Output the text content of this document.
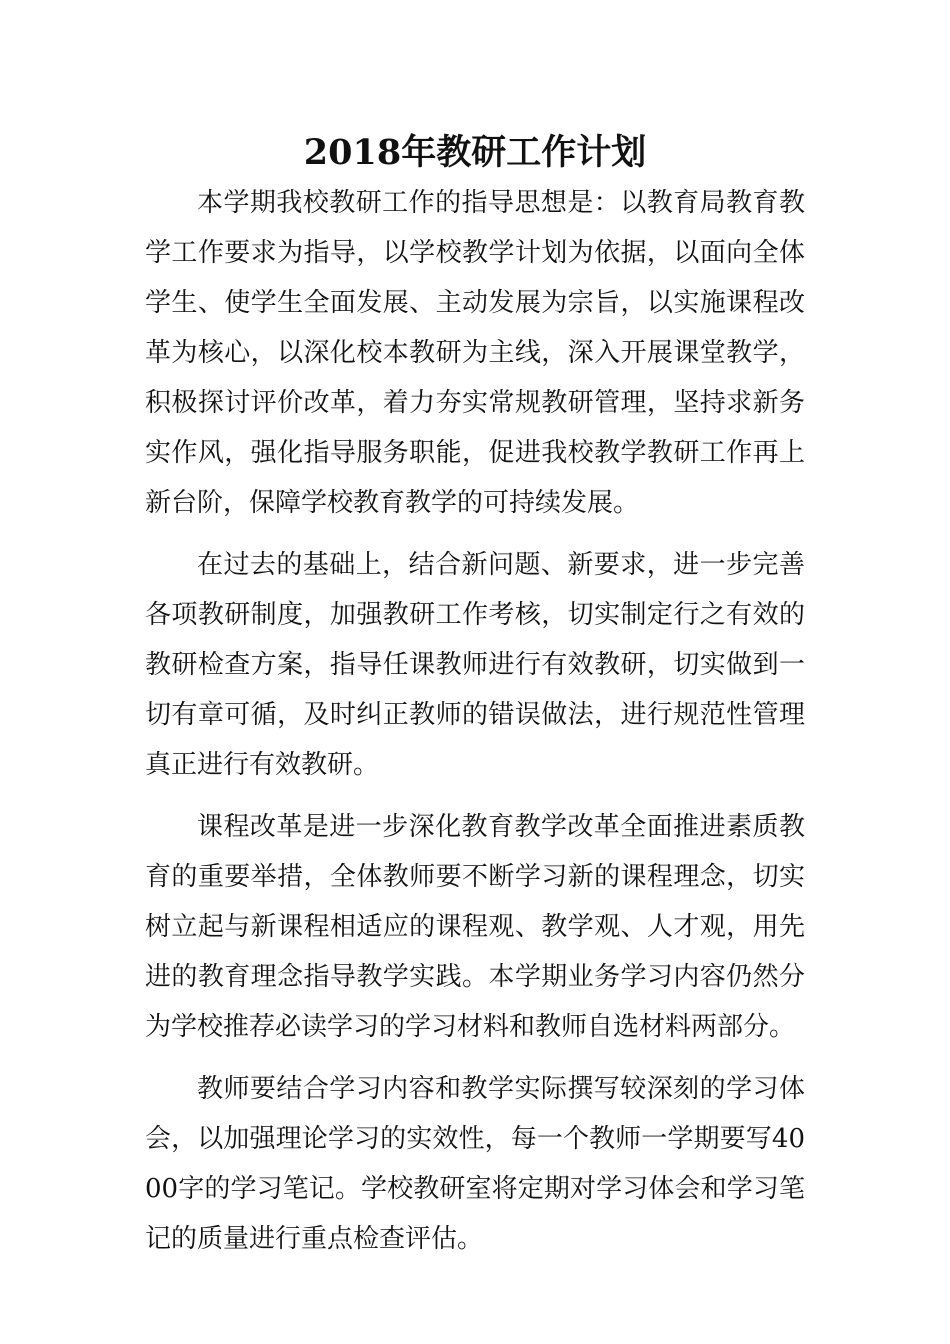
2018年教研工作计划

本学期我校教研工作的指导思想是：以教育局教育教学工作要求为指导，以学校教学计划为依据，以面向全体学生、使学生全面发展、主动发展为宗旨，以实施课程改革为核心，以深化校本教研为主线，深入开展课堂教学，积极探讨评价改革，着力夯实常规教研管理，坚持求新务实作风，强化指导服务职能，促进我校教学教研工作再上新台阶，保障学校教育教学的可持续发展。

在过去的基础上，结合新问题、新要求，进一步完善各项教研制度，加强教研工作考核，切实制定行之有效的教研检查方案，指导任课教师进行有效教研，切实做到一切有章可循，及时纠正教师的错误做法，进行规范性管理真正进行有效教研。

课程改革是进一步深化教育教学改革全面推进素质教育的重要举措，全体教师要不断学习新的课程理念，切实树立起与新课程相适应的课程观、教学观、人才观，用先进的教育理念指导教学实践。本学期业务学习内容仍然分为学校推荐必读学习的学习材料和教师自选材料两部分。

教师要结合学习内容和教学实际撰写较深刻的学习体会，以加强理论学习的实效性，每一个教师一学期要写4000字的学习笔记。学校教研室将定期对学习体会和学习笔记的质量进行重点检查评估。
